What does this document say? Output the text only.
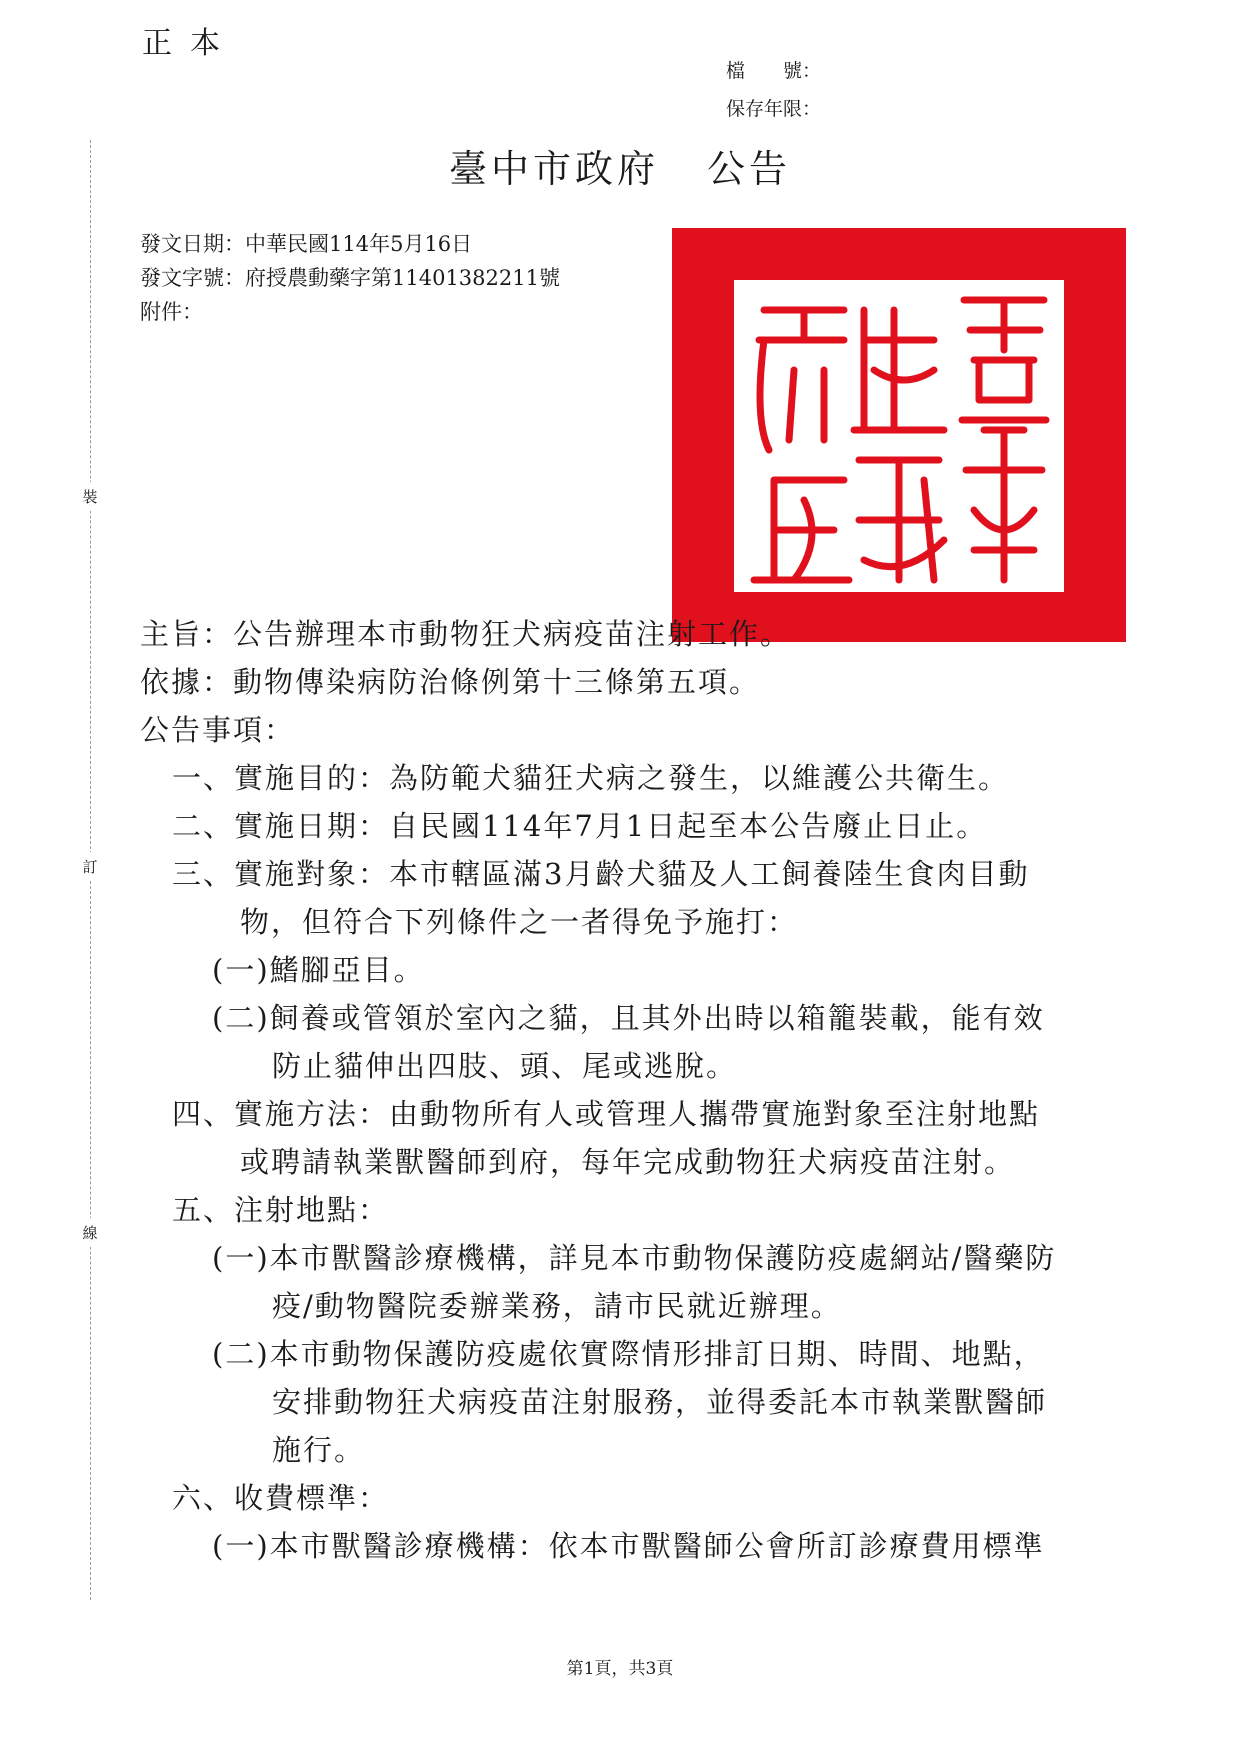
正本
檔　　號：
保存年限：
臺中市政府 公告
發文日期：中華民國114年5月16日
發文字號：府授農動藥字第11401382211號
附件：
裝
訂
線
主旨：公告辦理本市動物狂犬病疫苗注射工作。
依據：動物傳染病防治條例第十三條第五項。
公告事項：
一、實施目的：為防範犬貓狂犬病之發生，以維護公共衛生。
二、實施日期：自民國114年7月1日起至本公告廢止日止。
三、實施對象：本市轄區滿3月齡犬貓及人工飼養陸生食肉目動
物，但符合下列條件之一者得免予施打：
(一)鰭腳亞目。
(二)飼養或管領於室內之貓，且其外出時以箱籠裝載，能有效
防止貓伸出四肢、頭、尾或逃脫。
四、實施方法：由動物所有人或管理人攜帶實施對象至注射地點
或聘請執業獸醫師到府，每年完成動物狂犬病疫苗注射。
五、注射地點：
(一)本市獸醫診療機構，詳見本市動物保護防疫處網站/醫藥防
疫/動物醫院委辦業務，請市民就近辦理。
(二)本市動物保護防疫處依實際情形排訂日期、時間、地點，
安排動物狂犬病疫苗注射服務，並得委託本市執業獸醫師
施行。
六、收費標準：
(一)本市獸醫診療機構：依本市獸醫師公會所訂診療費用標準
第1頁，共3頁
